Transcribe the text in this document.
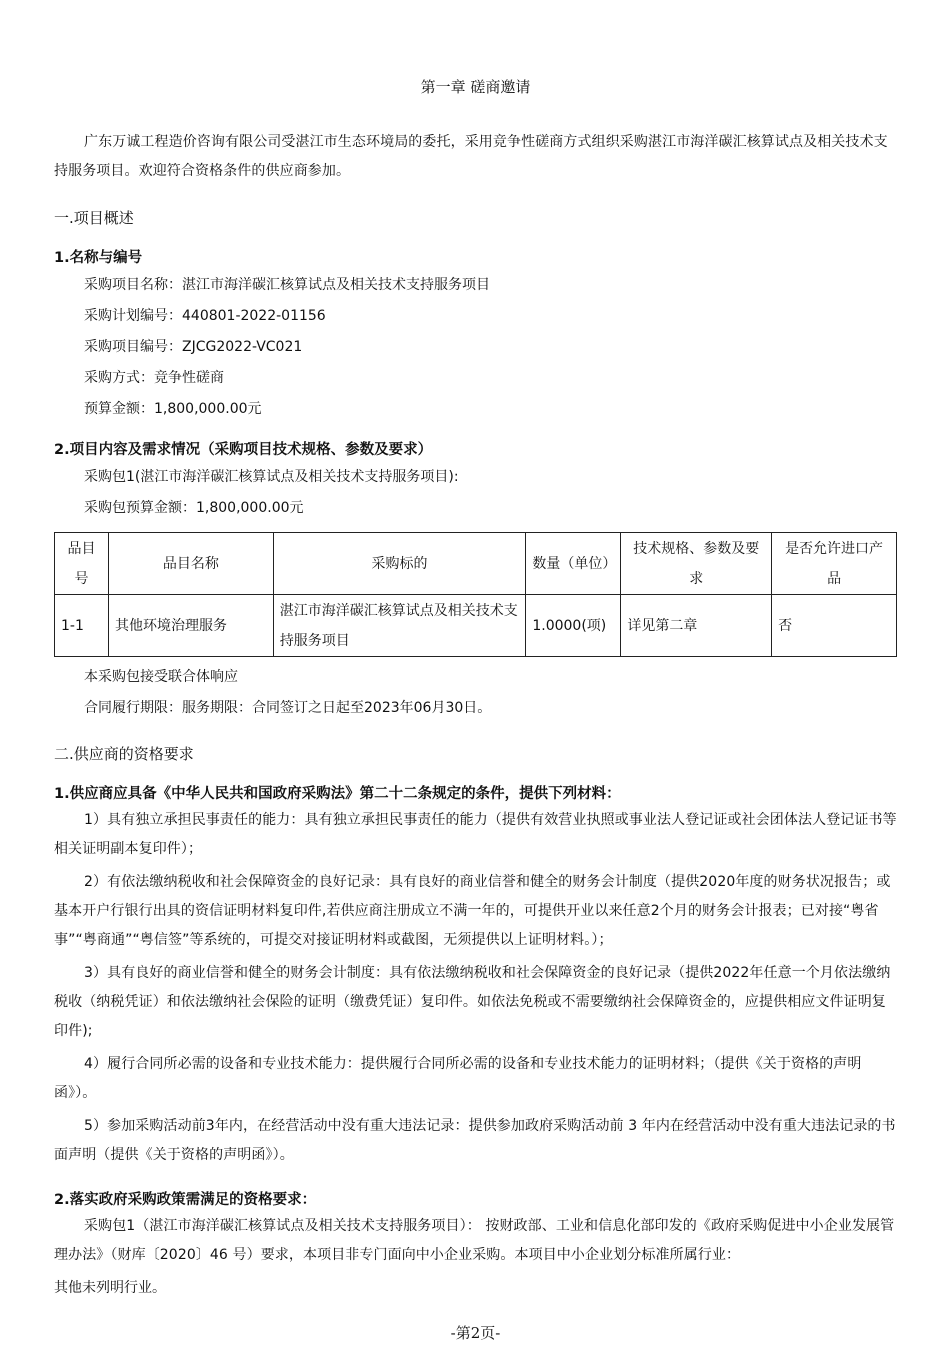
第一章 磋商邀请
广东万诚工程造价咨询有限公司受湛江市生态环境局的委托，采用竞争性磋商方式组织采购湛江市海洋碳汇核算试点及相关技术支持服务项目。欢迎符合资格条件的供应商参加。
一.项目概述
1.名称与编号
采购项目名称：湛江市海洋碳汇核算试点及相关技术支持服务项目
采购计划编号：440801-2022-01156
采购项目编号：ZJCG2022-VC021
采购方式：竞争性磋商
预算金额：1,800,000.00元
2.项目内容及需求情况（采购项目技术规格、参数及要求）
采购包1(湛江市海洋碳汇核算试点及相关技术支持服务项目):
采购包预算金额：1,800,000.00元
品目号	品目名称	采购标的	数量（单位）	技术规格、参数及要求	是否允许进口产品
1-1	其他环境治理服务	湛江市海洋碳汇核算试点及相关技术支持服务项目	1.0000(项)	详见第二章	否
本采购包接受联合体响应
合同履行期限：服务期限：合同签订之日起至2023年06月30日。
二.供应商的资格要求
1.供应商应具备《中华人民共和国政府采购法》第二十二条规定的条件，提供下列材料：
1）具有独立承担民事责任的能力：具有独立承担民事责任的能力（提供有效营业执照或事业法人登记证或社会团体法人登记证书等相关证明副本复印件）；
2）有依法缴纳税收和社会保障资金的良好记录：具有良好的商业信誉和健全的财务会计制度（提供2020年度的财务状况报告；或基本开户行银行出具的资信证明材料复印件,若供应商注册成立不满一年的，可提供开业以来任意2个月的财务会计报表；已对接“粤省事”“粤商通”“粤信签”等系统的，可提交对接证明材料或截图，无须提供以上证明材料。）；
3）具有良好的商业信誉和健全的财务会计制度：具有依法缴纳税收和社会保障资金的良好记录（提供2022年任意一个月依法缴纳税收（纳税凭证）和依法缴纳社会保险的证明（缴费凭证）复印件。如依法免税或不需要缴纳社会保障资金的，应提供相应文件证明复印件);
4）履行合同所必需的设备和专业技术能力：提供履行合同所必需的设备和专业技术能力的证明材料；（提供《关于资格的声明函》）。
5）参加采购活动前3年内，在经营活动中没有重大违法记录：提供参加政府采购活动前 3 年内在经营活动中没有重大违法记录的书面声明（提供《关于资格的声明函》）。
2.落实政府采购政策需满足的资格要求：
采购包1（湛江市海洋碳汇核算试点及相关技术支持服务项目）： 按财政部、工业和信息化部印发的《政府采购促进中小企业发展管理办法》（财库〔2020〕46 号）要求，本项目非专门面向中小企业采购。本项目中小企业划分标准所属行业：
其他未列明行业。
-第2页-
